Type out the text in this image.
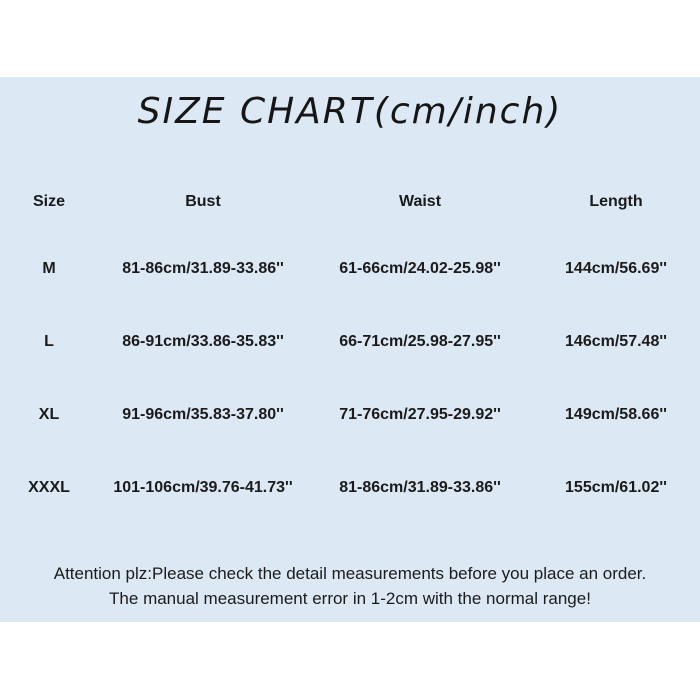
SIZE CHART(cm/inch)
Size	Bust	Waist	Length
M	81-86cm/31.89-33.86''	61-66cm/24.02-25.98''	144cm/56.69''
L	86-91cm/33.86-35.83''	66-71cm/25.98-27.95''	146cm/57.48''
XL	91-96cm/35.83-37.80''	71-76cm/27.95-29.92''	149cm/58.66''
XXXL	101-106cm/39.76-41.73''	81-86cm/31.89-33.86''	155cm/61.02''
Attention plz:Please check the detail measurements before you place an order.
The manual measurement error in 1-2cm with the normal range!
